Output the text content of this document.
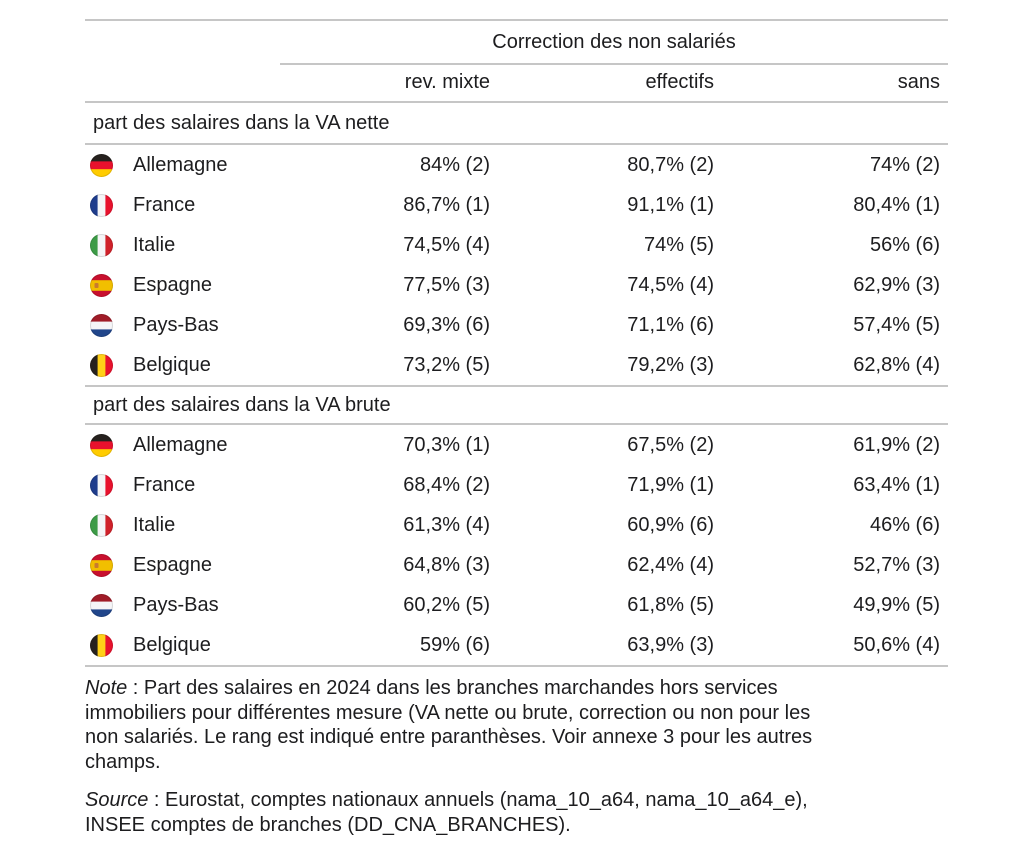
Correction des non salariés
rev. mixte	effectifs	sans
part des salaires dans la VA nette
Allemagne	84% (2)	80,7% (2)	74% (2)
France	86,7% (1)	91,1% (1)	80,4% (1)
Italie	74,5% (4)	74% (5)	56% (6)
Espagne	77,5% (3)	74,5% (4)	62,9% (3)
Pays-Bas	69,3% (6)	71,1% (6)	57,4% (5)
Belgique	73,2% (5)	79,2% (3)	62,8% (4)
part des salaires dans la VA brute
Allemagne	70,3% (1)	67,5% (2)	61,9% (2)
France	68,4% (2)	71,9% (1)	63,4% (1)
Italie	61,3% (4)	60,9% (6)	46% (6)
Espagne	64,8% (3)	62,4% (4)	52,7% (3)
Pays-Bas	60,2% (5)	61,8% (5)	49,9% (5)
Belgique	59% (6)	63,9% (3)	50,6% (4)

Note : Part des salaires en 2024 dans les branches marchandes hors services
immobiliers pour différentes mesure (VA nette ou brute, correction ou non pour les
non salariés. Le rang est indiqué entre paranthèses. Voir annexe 3 pour les autres
champs.

Source : Eurostat, comptes nationaux annuels (nama_10_a64, nama_10_a64_e),
INSEE comptes de branches (DD_CNA_BRANCHES).
